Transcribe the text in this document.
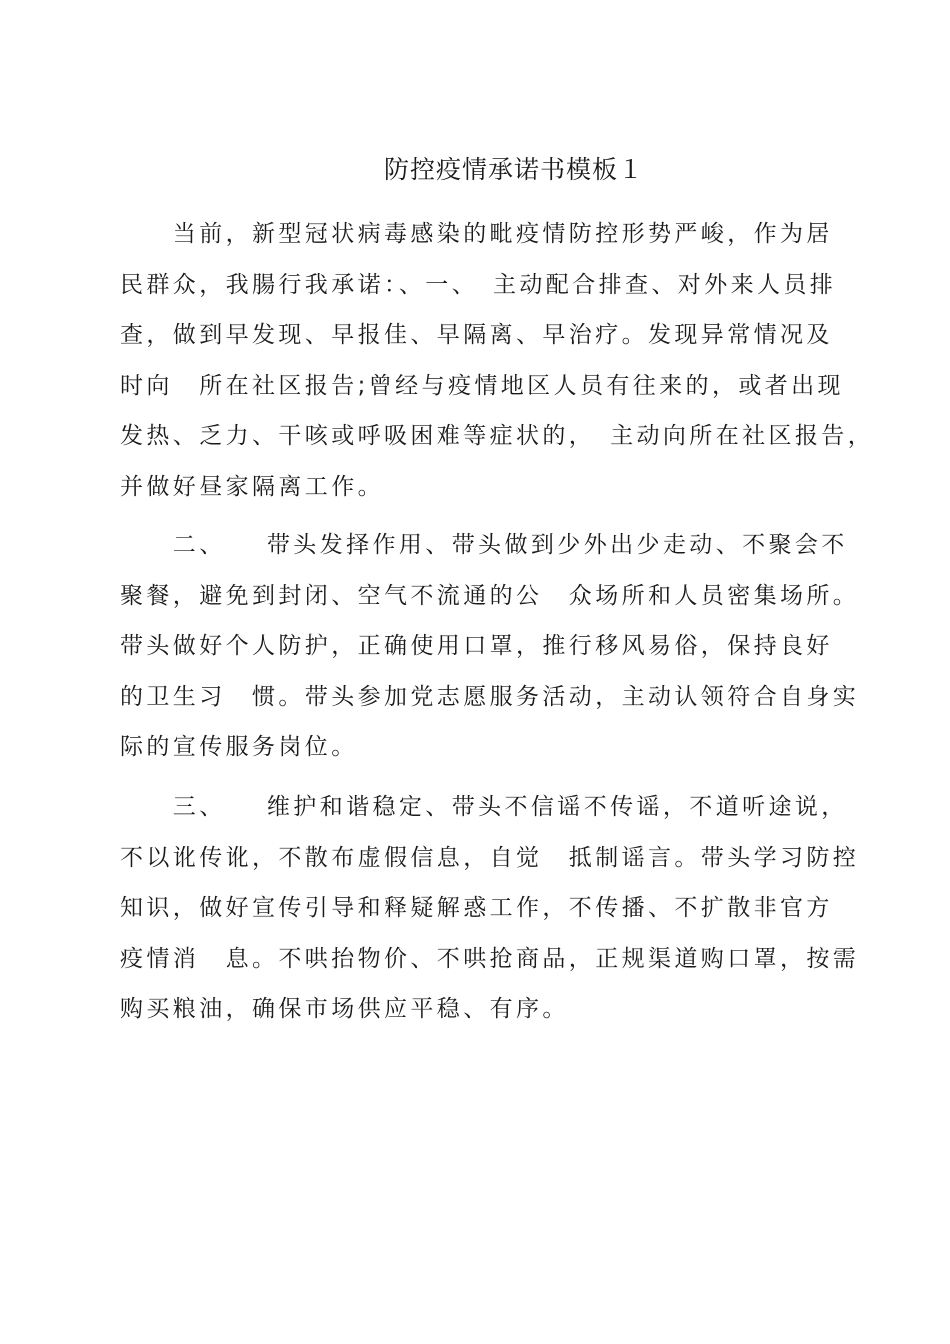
防控疫情承诺书模板１

　　当前，新型冠状病毒感染的毗疫情防控形势严峻，作为居
民群众，我腸行我承诺：、一、　主动配合排查、对外来人员排
查，做到早发现、早报佳、早隔离、早治疗。发现异常情况及
时向　所在社区报告;曾经与疫情地区人员有往来的，或者出现
发热、乏力、干咳或呼吸困难等症状的，　主动向所在社区报告，
并做好昼家隔离工作。

　　二、　　带头发择作用、带头做到少外出少走动、不聚会不
聚餐，避免到封闭、空气不流通的公　众场所和人员密集场所。
带头做好个人防护，正确使用口罩，推行移风易俗，保持良好
的卫生习　惯。带头参加党志愿服务活动，主动认领符合自身实
际的宣传服务岗位。

　　三、　　维护和谐稳定、带头不信谣不传谣，不道听途说，
不以讹传讹，不散布虚假信息，自觉　抵制谣言。带头学习防控
知识，做好宣传引导和释疑解惑工作，不传播、不扩散非官方
疫情消　息。不哄抬物价、不哄抢商品，正规渠道购口罩，按需
购买粮油，确保市场供应平稳、有序。
